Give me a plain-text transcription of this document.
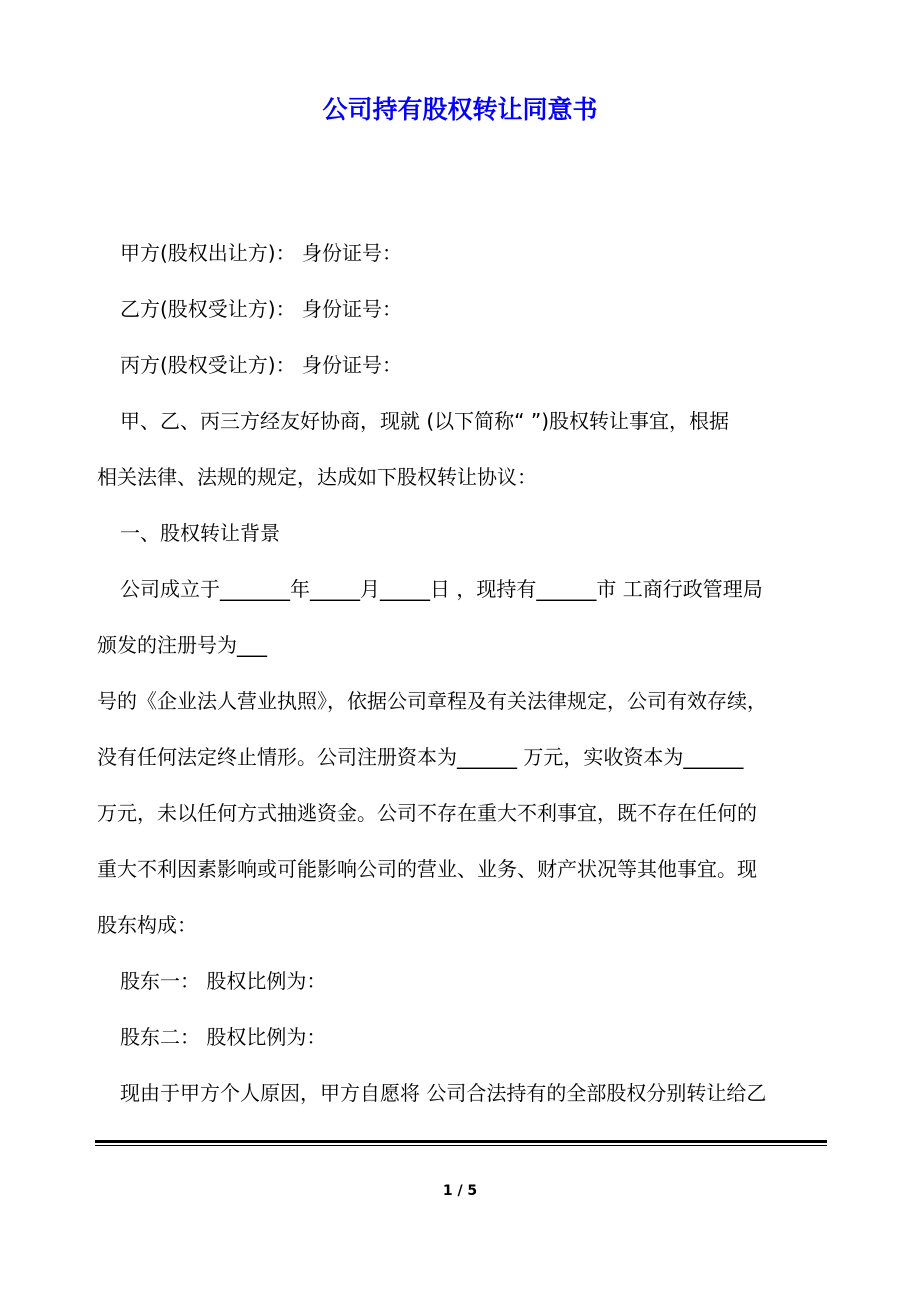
公司持有股权转让同意书

甲方(股权出让方)： 身份证号：

乙方(股权受让方)： 身份证号：

丙方(股权受让方)： 身份证号：

甲、乙、丙三方经友好协商，现就 (以下简称“ ”)股权转让事宜，根据

相关法律、法规的规定，达成如下股权转让协议：

一、股权转让背景

公司成立于_______年_____月_____日 ，现持有______市 工商行政管理局

颁发的注册号为___

号的《企业法人营业执照》，依据公司章程及有关法律规定，公司有效存续，

没有任何法定终止情形。公司注册资本为______ 万元，实收资本为______

万元，未以任何方式抽逃资金。公司不存在重大不利事宜，既不存在任何的

重大不利因素影响或可能影响公司的营业、业务、财产状况等其他事宜。现

股东构成：

股东一： 股权比例为：

股东二： 股权比例为：

现由于甲方个人原因，甲方自愿将 公司合法持有的全部股权分别转让给乙

1 / 5
